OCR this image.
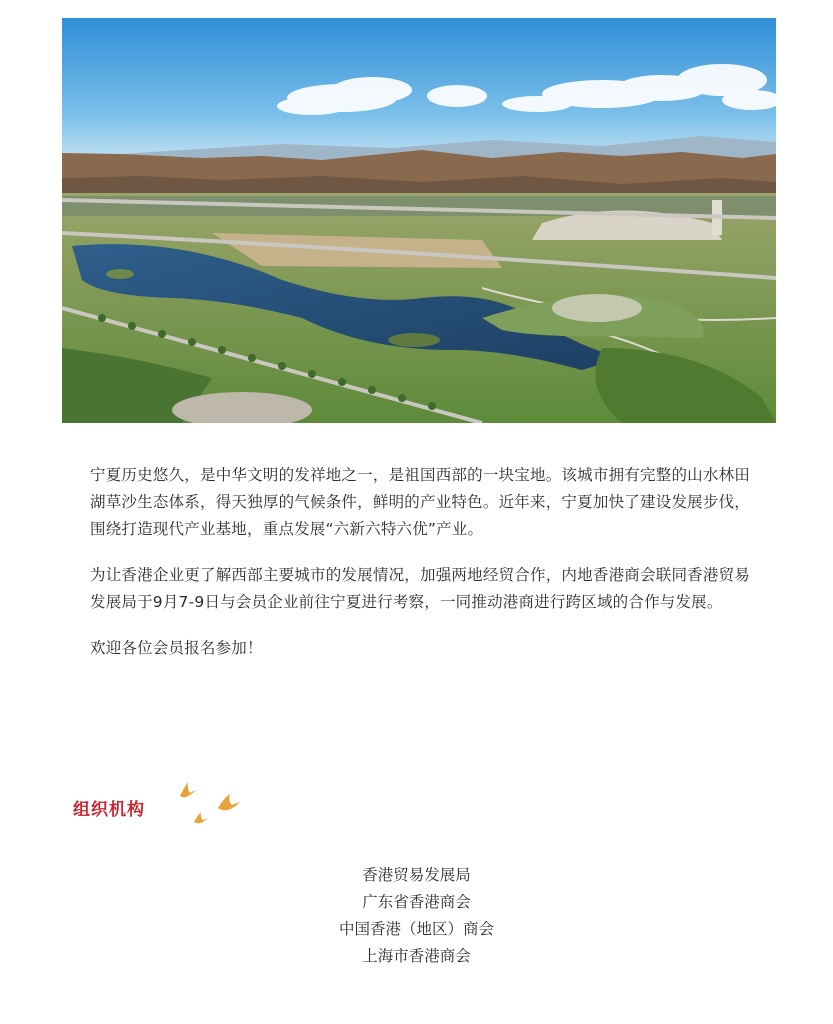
宁夏历史悠久，是中华文明的发祥地之一，是祖国西部的一块宝地。该城市拥有完整的山水林田湖草沙生态体系，得天独厚的气候条件，鲜明的产业特色。近年来，宁夏加快了建设发展步伐，围绕打造现代产业基地，重点发展“六新六特六优”产业。

为让香港企业更了解西部主要城市的发展情况，加强两地经贸合作，内地香港商会联同香港贸易发展局于9月7-9日与会员企业前往宁夏进行考察，一同推动港商进行跨区域的合作与发展。

欢迎各位会员报名参加！

组织机构
香港贸易发展局
广东省香港商会
中国香港（地区）商会
上海市香港商会
